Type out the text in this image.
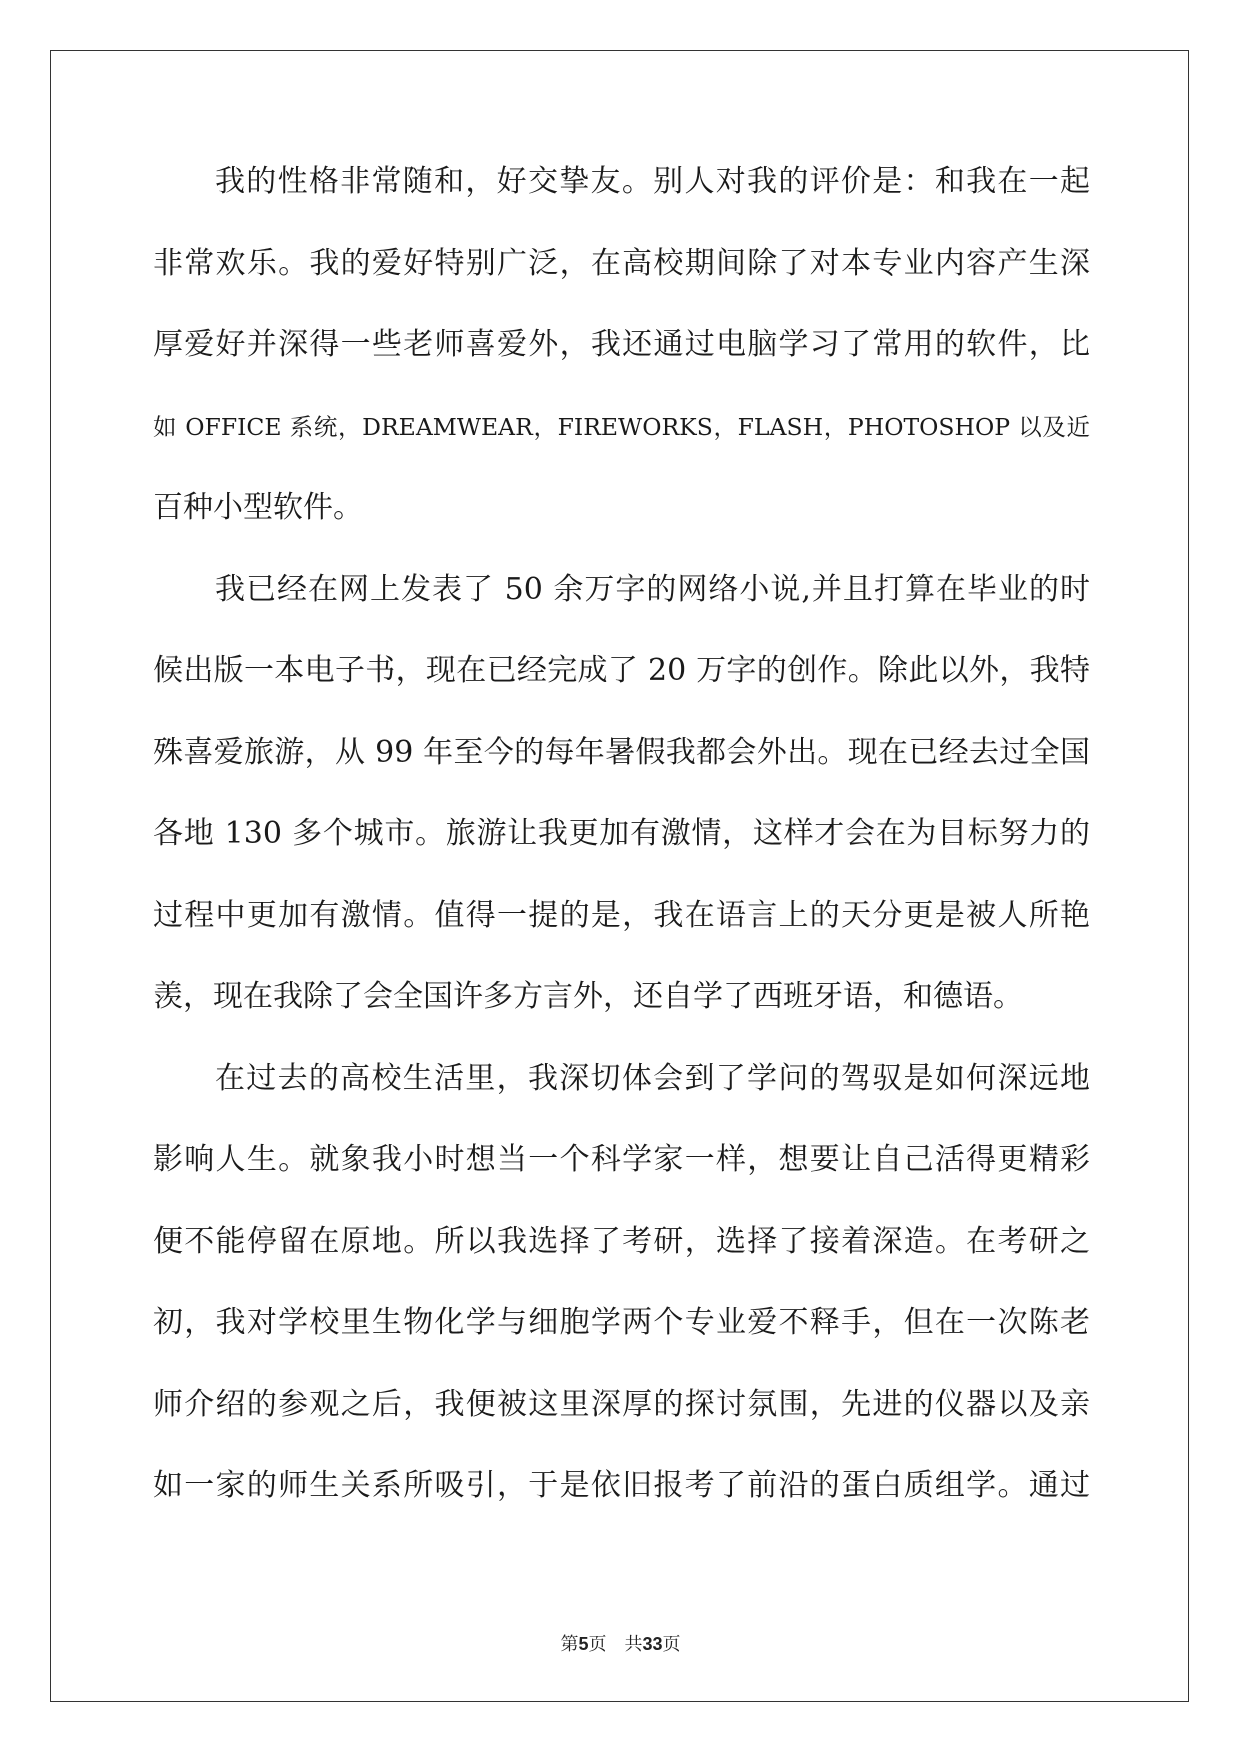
我的性格非常随和，好交挚友。别人对我的评价是：和我在一起
非常欢乐。我的爱好特别广泛，在高校期间除了对本专业内容产生深
厚爱好并深得一些老师喜爱外，我还通过电脑学习了常用的软件，比
如 OFFICE 系统，DREAMWEAR，FIREWORKS，FLASH，PHOTOSHOP 以及近
百种小型软件。
我已经在网上发表了 50 余万字的网络小说,并且打算在毕业的时
候出版一本电子书，现在已经完成了 20 万字的创作。除此以外，我特
殊喜爱旅游，从 99 年至今的每年暑假我都会外出。现在已经去过全国
各地 130 多个城市。旅游让我更加有激情，这样才会在为目标努力的
过程中更加有激情。值得一提的是，我在语言上的天分更是被人所艳
羡，现在我除了会全国许多方言外，还自学了西班牙语，和德语。
在过去的高校生活里，我深切体会到了学问的驾驭是如何深远地
影响人生。就象我小时想当一个科学家一样，想要让自己活得更精彩
便不能停留在原地。所以我选择了考研，选择了接着深造。在考研之
初，我对学校里生物化学与细胞学两个专业爱不释手，但在一次陈老
师介绍的参观之后，我便被这里深厚的探讨氛围，先进的仪器以及亲
如一家的师生关系所吸引，于是依旧报考了前沿的蛋白质组学。通过
第5页 共33页
